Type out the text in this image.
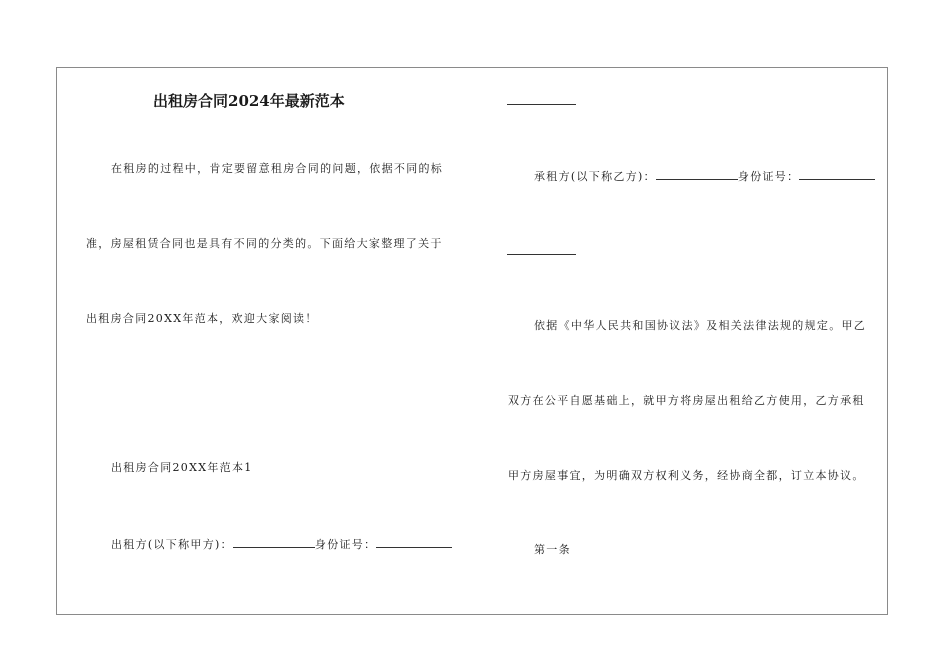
出租房合同2024年最新范本
在租房的过程中，肯定要留意租房合同的问题，依据不同的标
准，房屋租赁合同也是具有不同的分类的。下面给大家整理了关于
出租房合同20XX年范本，欢迎大家阅读！
出租房合同20XX年范本1
出租方(以下称甲方)：	身份证号：
承租方(以下称乙方)：	身份证号：
依据《中华人民共和国协议法》及相关法律法规的规定。甲乙
双方在公平自愿基础上，就甲方将房屋出租给乙方使用，乙方承租
甲方房屋事宜，为明确双方权利义务，经协商全都，订立本协议。
第一条
